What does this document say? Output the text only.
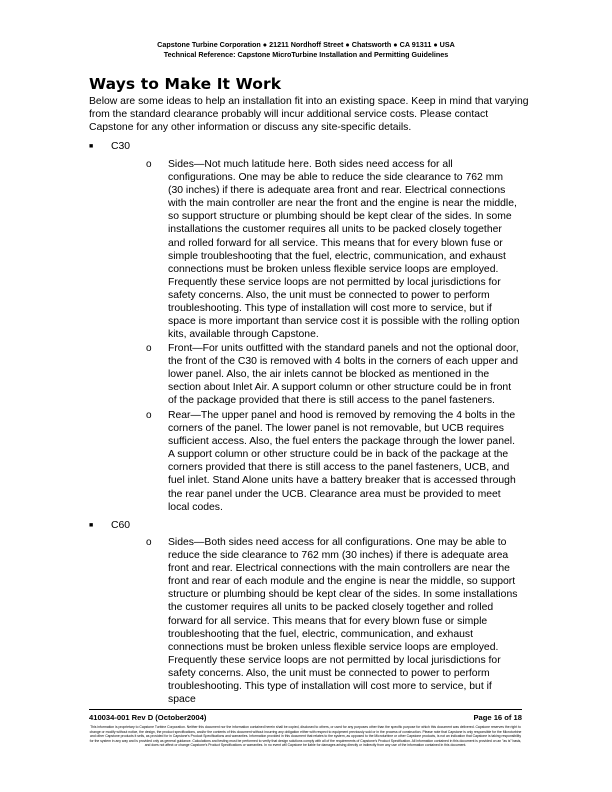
Capstone Turbine Corporation ● 21211 Nordhoff Street ● Chatsworth ● CA 91311 ● USA
Technical Reference: Capstone MicroTurbine Installation and Permitting Guidelines
Ways to Make It Work

Below are some ideas to help an installation fit into an existing space. Keep in mind that varying from the standard clearance probably will incur additional service costs. Please contact Capstone for any other information or discuss any site-specific details.

■ C30

o Sides—Not much latitude here. Both sides need access for all configurations. One may be able to reduce the side clearance to 762 mm (30 inches) if there is adequate area front and rear. Electrical connections with the main controller are near the front and the engine is near the middle, so support structure or plumbing should be kept clear of the sides. In some installations the customer requires all units to be packed closely together and rolled forward for all service. This means that for every blown fuse or simple troubleshooting that the fuel, electric, communication, and exhaust connections must be broken unless flexible service loops are employed. Frequently these service loops are not permitted by local jurisdictions for safety concerns. Also, the unit must be connected to power to perform troubleshooting. This type of installation will cost more to service, but if space is more important than service cost it is possible with the rolling option kits, available through Capstone.

o Front—For units outfitted with the standard panels and not the optional door, the front of the C30 is removed with 4 bolts in the corners of each upper and lower panel. Also, the air inlets cannot be blocked as mentioned in the section about Inlet Air. A support column or other structure could be in front of the package provided that there is still access to the panel fasteners.

o Rear—The upper panel and hood is removed by removing the 4 bolts in the corners of the panel. The lower panel is not removable, but UCB requires sufficient access. Also, the fuel enters the package through the lower panel. A support column or other structure could be in back of the package at the corners provided that there is still access to the panel fasteners, UCB, and fuel inlet. Stand Alone units have a battery breaker that is accessed through the rear panel under the UCB. Clearance area must be provided to meet local codes.

■ C60

o Sides—Both sides need access for all configurations. One may be able to reduce the side clearance to 762 mm (30 inches) if there is adequate area front and rear. Electrical connections with the main controllers are near the front and rear of each module and the engine is near the middle, so support structure or plumbing should be kept clear of the sides. In some installations the customer requires all units to be packed closely together and rolled forward for all service. This means that for every blown fuse or simple troubleshooting that the fuel, electric, communication, and exhaust connections must be broken unless flexible service loops are employed. Frequently these service loops are not permitted by local jurisdictions for safety concerns. Also, the unit must be connected to power to perform troubleshooting. This type of installation will cost more to service, but if space

410034-001 Rev D (October2004)	Page 16 of 18
This information is proprietary to Capstone Turbine Corporation. Neither this document nor the information contained herein shall be copied, disclosed to others, or used for any purposes other than the specific purpose for which this document was delivered. Capstone reserves the right to change or modify without notice, the design, the product specifications, and/or the contents of this document without incurring any obligation either with respect to equipment previously sold or in the process of construction. Please note that Capstone is only responsible for the Microturbine and other Capstone products it sells, as provided for in Capstone's Product Specifications and warranties. Information provided in this document that relates to the system, as opposed to the Microturbine or other Capstone products, is not an indication that Capstone is taking responsibility for the system in any way and is provided only as general guidance. Calculations and testing must be performed to verify that design solutions comply with all of the requirements of Capstone's Product Specification. All information contained in this document is provided on an "as is" basis, and does not affect or change Capstone's Product Specifications or warranties. In no event will Capstone be liable for damages arising directly or indirectly from any use of the information contained in this document.
